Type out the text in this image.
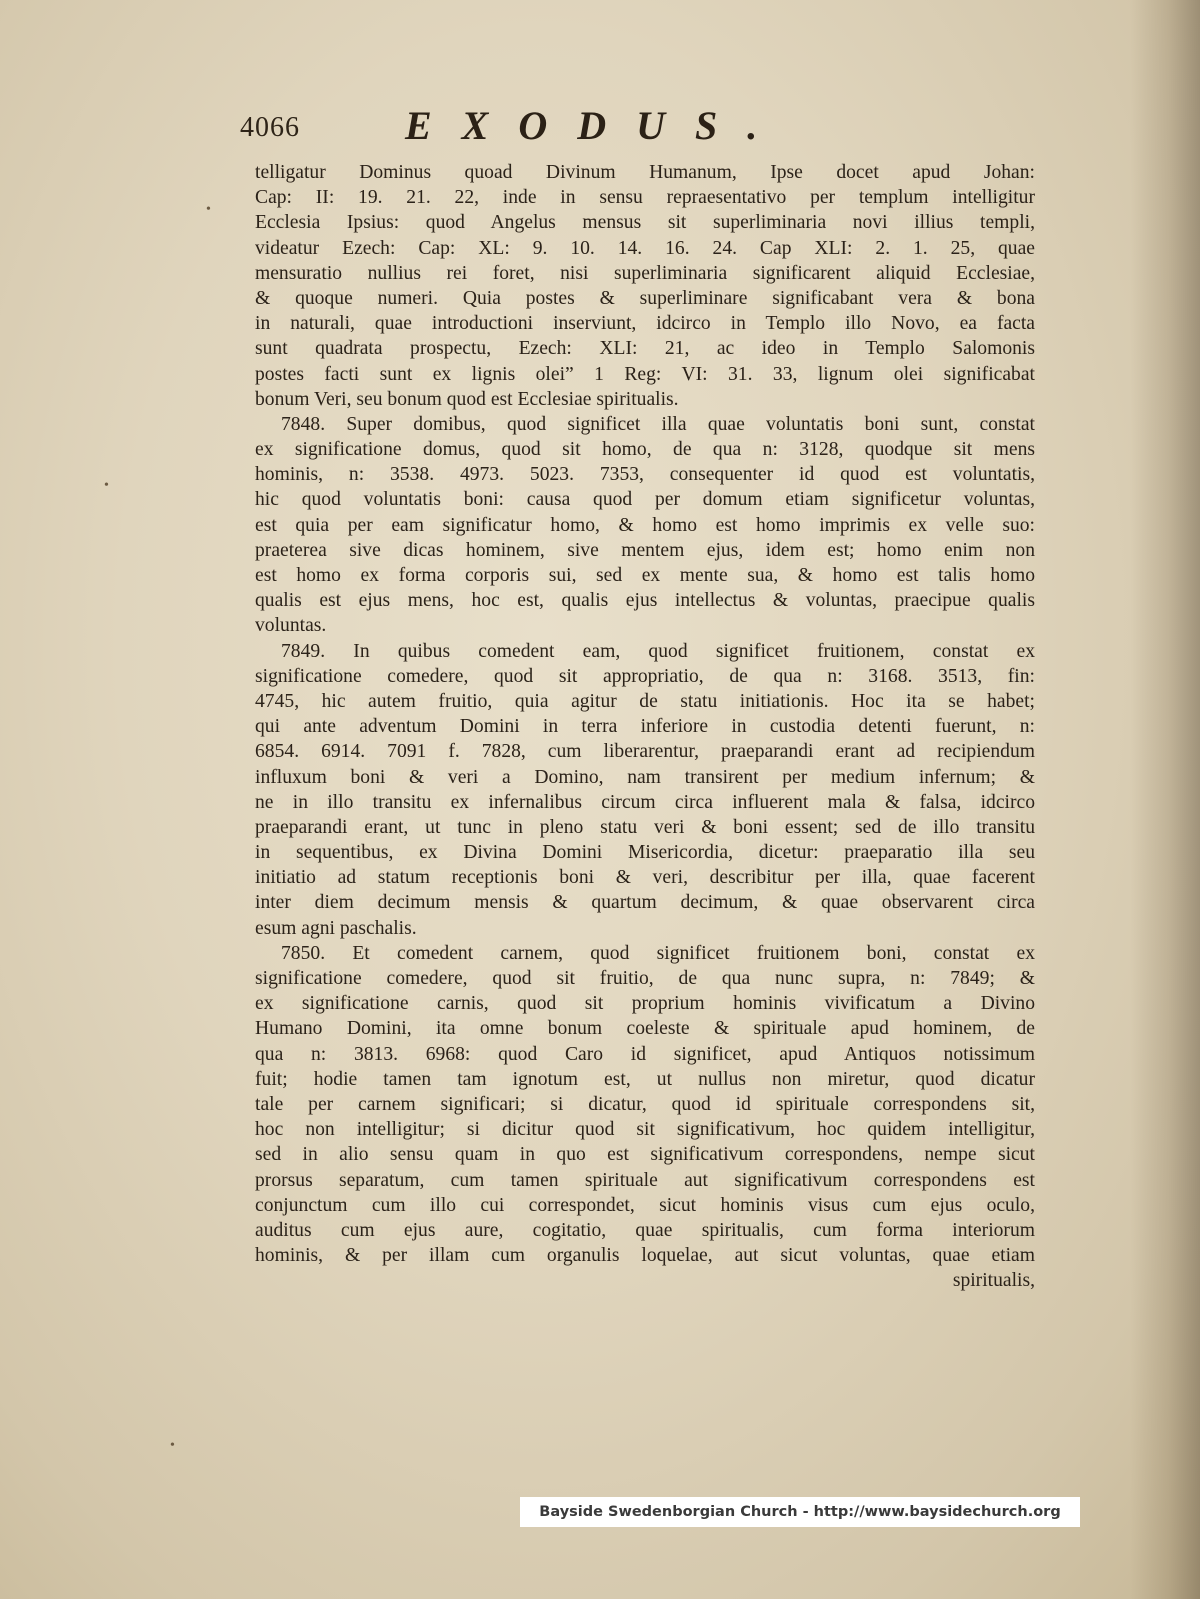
4066	EXODUS.
telligatur Dominus quoad Divinum Humanum, Ipse docet apud Johan:
Cap: II: 19. 21. 22, inde in sensu repraesentativo per templum intelligitur
Ecclesia Ipsius: quod Angelus mensus sit superliminaria novi illius templi,
videatur Ezech: Cap: XL: 9. 10. 14. 16. 24. Cap XLI: 2. 1. 25, quae
mensuratio nullius rei foret, nisi superliminaria significarent aliquid Ecclesiae,
& quoque numeri. Quia postes & superliminare significabant vera & bona
in naturali, quae introductioni inserviunt, idcirco in Templo illo Novo, ea facta
sunt quadrata prospectu, Ezech: XLI: 21, ac ideo in Templo Salomonis
postes facti sunt ex lignis olei” 1 Reg: VI: 31. 33, lignum olei significabat
bonum Veri, seu bonum quod est Ecclesiae spiritualis.
7848. Super domibus, quod significet illa quae voluntatis boni sunt, constat
ex significatione domus, quod sit homo, de qua n: 3128, quodque sit mens
hominis, n: 3538. 4973. 5023. 7353, consequenter id quod est voluntatis,
hic quod voluntatis boni: causa quod per domum etiam significetur voluntas,
est quia per eam significatur homo, & homo est homo imprimis ex velle suo:
praeterea sive dicas hominem, sive mentem ejus, idem est; homo enim non
est homo ex forma corporis sui, sed ex mente sua, & homo est talis homo
qualis est ejus mens, hoc est, qualis ejus intellectus & voluntas, praecipue qualis
voluntas.
7849. In quibus comedent eam, quod significet fruitionem, constat ex
significatione comedere, quod sit appropriatio, de qua n: 3168. 3513, fin:
4745, hic autem fruitio, quia agitur de statu initiationis. Hoc ita se habet;
qui ante adventum Domini in terra inferiore in custodia detenti fuerunt, n:
6854. 6914. 7091 f. 7828, cum liberarentur, praeparandi erant ad recipiendum
influxum boni & veri a Domino, nam transirent per medium infernum; &
ne in illo transitu ex infernalibus circum circa influerent mala & falsa, idcirco
praeparandi erant, ut tunc in pleno statu veri & boni essent; sed de illo transitu
in sequentibus, ex Divina Domini Misericordia, dicetur: praeparatio illa seu
initiatio ad statum receptionis boni & veri, describitur per illa, quae facerent
inter diem decimum mensis & quartum decimum, & quae observarent circa
esum agni paschalis.
7850. Et comedent carnem, quod significet fruitionem boni, constat ex
significatione comedere, quod sit fruitio, de qua nunc supra, n: 7849; &
ex significatione carnis, quod sit proprium hominis vivificatum a Divino
Humano Domini, ita omne bonum coeleste & spirituale apud hominem, de
qua n: 3813. 6968: quod Caro id significet, apud Antiquos notissimum
fuit; hodie tamen tam ignotum est, ut nullus non miretur, quod dicatur
tale per carnem significari; si dicatur, quod id spirituale correspondens sit,
hoc non intelligitur; si dicitur quod sit significativum, hoc quidem intelligitur,
sed in alio sensu quam in quo est significativum correspondens, nempe sicut
prorsus separatum, cum tamen spirituale aut significativum correspondens est
conjunctum cum illo cui correspondet, sicut hominis visus cum ejus oculo,
auditus cum ejus aure, cogitatio, quae spiritualis, cum forma interiorum
hominis, & per illam cum organulis loquelae, aut sicut voluntas, quae etiam
spiritualis,
•
•
•
Bayside Swedenborgian Church - http://www.baysidechurch.org
